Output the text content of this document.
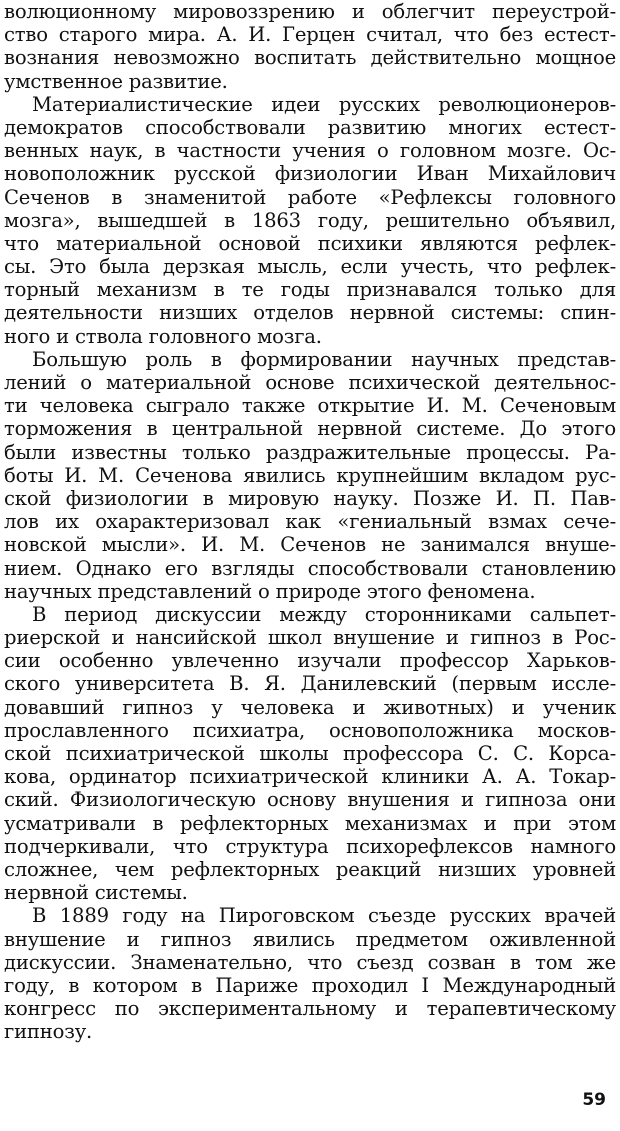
волюционному мировоззрению и облегчит переустрой-
ство старого мира. А. И. Герцен считал, что без естест-
вознания невозможно воспитать действительно мощное
умственное развитие.
Материалистические идеи русских революционеров-
демократов способствовали развитию многих естест-
венных наук, в частности учения о головном мозге. Ос-
новоположник русской физиологии Иван Михайлович
Сеченов в знаменитой работе «Рефлексы головного
мозга», вышедшей в 1863 году, решительно объявил,
что материальной основой психики являются рефлек-
сы. Это была дерзкая мысль, если учесть, что рефлек-
торный механизм в те годы признавался только для
деятельности низших отделов нервной системы: спин-
ного и ствола головного мозга.
Большую роль в формировании научных представ-
лений о материальной основе психической деятельнос-
ти человека сыграло также открытие И. М. Сеченовым
торможения в центральной нервной системе. До этого
были известны только раздражительные процессы. Ра-
боты И. М. Сеченова явились крупнейшим вкладом рус-
ской физиологии в мировую науку. Позже И. П. Пав-
лов их охарактеризовал как «гениальный взмах сече-
новской мысли». И. М. Сеченов не занимался внуше-
нием. Однако его взгляды способствовали становлению
научных представлений о природе этого феномена.
В период дискуссии между сторонниками сальпет-
риерской и нансийской школ внушение и гипноз в Рос-
сии особенно увлеченно изучали профессор Харьков-
ского университета В. Я. Данилевский (первым иссле-
довавший гипноз у человека и животных) и ученик
прославленного психиатра, основоположника москов-
ской психиатрической школы профессора С. С. Корса-
кова, ординатор психиатрической клиники А. А. Токар-
ский. Физиологическую основу внушения и гипноза они
усматривали в рефлекторных механизмах и при этом
подчеркивали, что структура психорефлексов намного
сложнее, чем рефлекторных реакций низших уровней
нервной системы.
В 1889 году на Пироговском съезде русских врачей
внушение и гипноз явились предметом оживленной
дискуссии. Знаменательно, что съезд созван в том же
году, в котором в Париже проходил I Международный
конгресс по экспериментальному и терапевтическому
гипнозу.
59
